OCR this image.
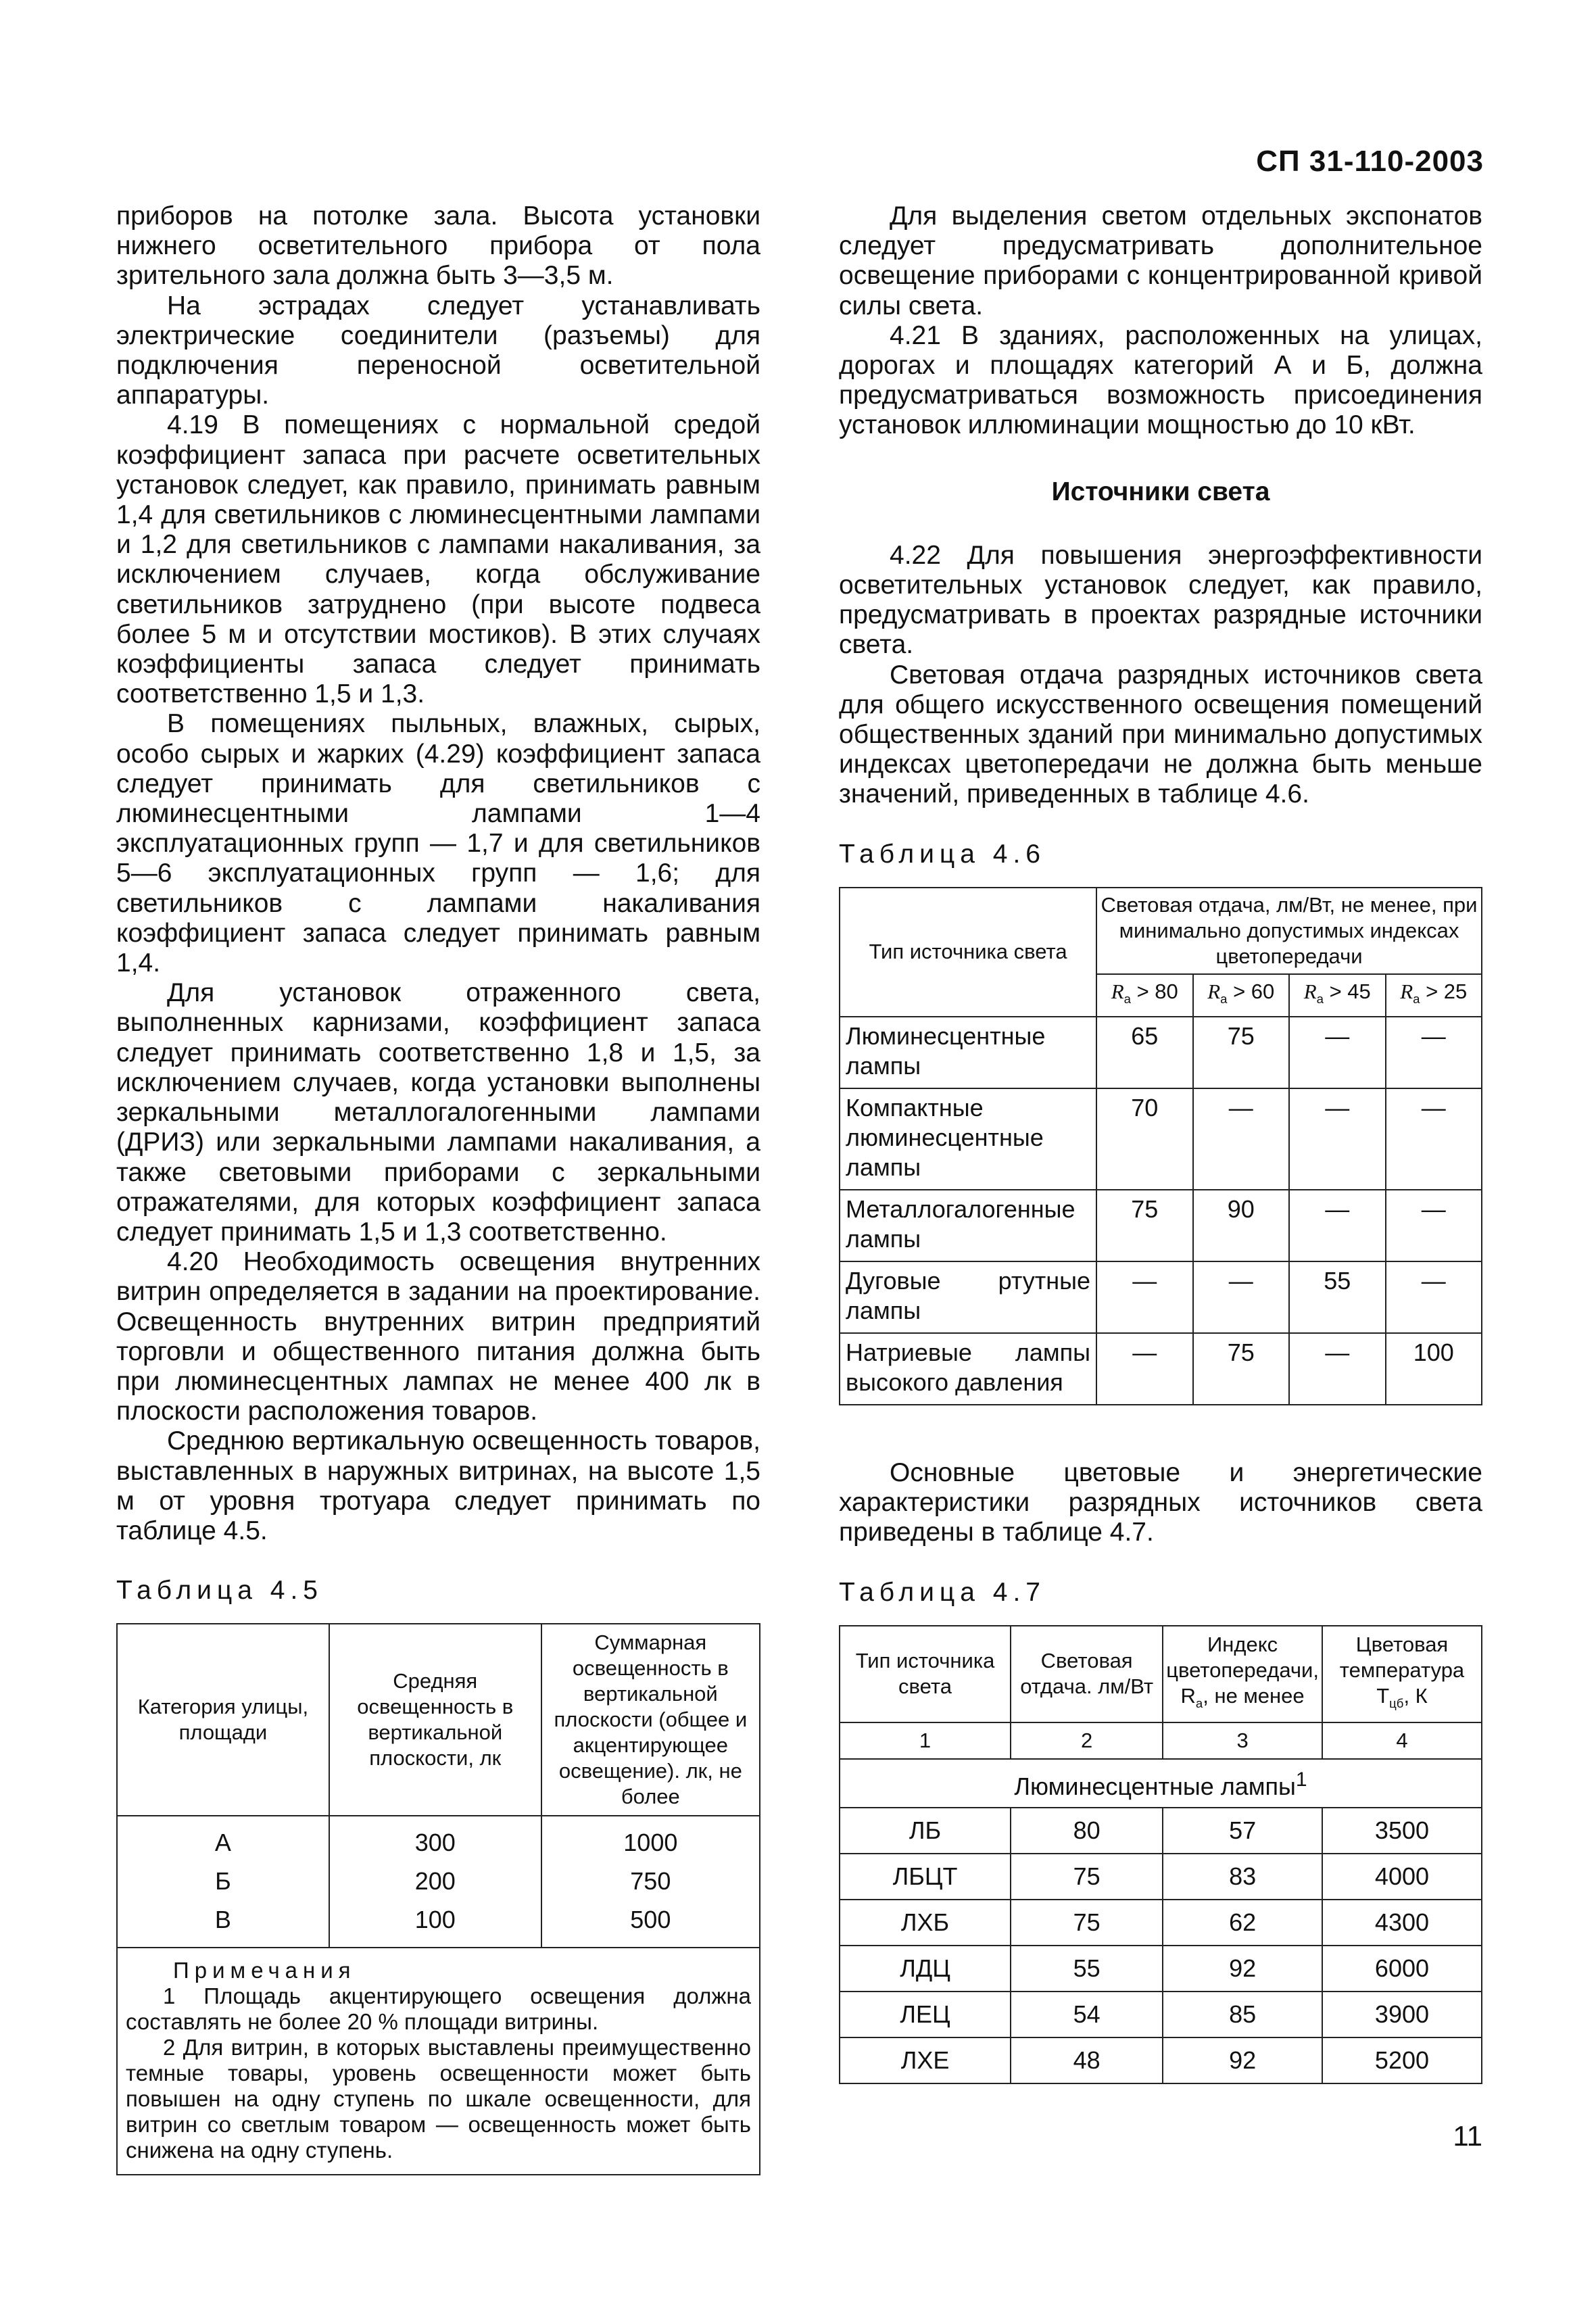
СП 31-110-2003

приборов на потолке зала. Высота установки нижнего осветительного прибора от пола зрительного зала должна быть 3—3,5 м.

На эстрадах следует устанавливать электрические соединители (разъемы) для подключения переносной осветительной аппаратуры.

4.19 В помещениях с нормальной средой коэффициент запаса при расчете осветительных установок следует, как правило, принимать равным 1,4 для светильников с люминесцентными лампами и 1,2 для светильников с лампами накаливания, за исключением случаев, когда обслуживание светильников затруднено (при высоте подвеса более 5 м и отсутствии мостиков). В этих случаях коэффициенты запаса следует принимать соответственно 1,5 и 1,3.

В помещениях пыльных, влажных, сырых, особо сырых и жарких (4.29) коэффициент запаса следует принимать для светильников с люминесцентными лампами 1—4 эксплуатационных групп — 1,7 и для светильников 5—6 эксплуатационных групп — 1,6; для светильников с лампами накаливания коэффициент запаса следует принимать равным 1,4.

Для установок отраженного света, выполненных карнизами, коэффициент запаса следует принимать соответственно 1,8 и 1,5, за исключением случаев, когда установки выполнены зеркальными металлогалогенными лампами (ДРИЗ) или зеркальными лампами накаливания, а также световыми приборами с зеркальными отражателями, для которых коэффициент запаса следует принимать 1,5 и 1,3 соответственно.

4.20 Необходимость освещения внутренних витрин определяется в задании на проектирование. Освещенность внутренних витрин предприятий торговли и общественного питания должна быть при люминесцентных лампах не менее 400 лк в плоскости расположения товаров.

Среднюю вертикальную освещенность товаров, выставленных в наружных витринах, на высоте 1,5 м от уровня тротуара следует принимать по таблице 4.5.

Таблица 4.5
Категория улицы, площади	Средняя освещенность в вертикальной плоскости, лк	Суммарная освещенность в вертикальной плоскости (общее и акцентирующее освещение). лк, не более
А	300	1000
Б	200	750
В	100	500

Примечания
1 Площадь акцентирующего освещения должна составлять не более 20 % площади витрины.
2 Для витрин, в которых выставлены преимущественно темные товары, уровень освещенности может быть повышен на одну ступень по шкале освещенности, для витрин со светлым товаром — освещенность может быть снижена на одну ступень.		

Для выделения светом отдельных экспонатов следует предусматривать дополнительное освещение приборами с концентрированной кривой силы света.

4.21 В зданиях, расположенных на улицах, дорогах и площадях категорий А и Б, должна предусматриваться возможность присоединения установок иллюминации мощностью до 10 кВт.

Источники света

4.22 Для повышения энергоэффективности осветительных установок следует, как правило, предусматривать в проектах разрядные источники света.

Световая отдача разрядных источников света для общего искусственного освещения помещений общественных зданий при минимально допустимых индексах цветопередачи не должна быть меньше значений, приведенных в таблице 4.6.

Таблица 4.6
Тип источника света	Световая отдача, лм/Вт, не менее, при минимально допустимых индексах цветопередачи			
	$R_a > 80$	$R_a > 60$	$R_a > 45$	$R_a > 25$
Люминесцентные лампы	65	75	—	—
Компактные люминесцентные лампы	70	—	—	—
Металлогалогенные лампы	75	90	—	—
Дуговые ртутные лампы	—	—	55	—
Натриевые лампы высокого давления	—	75	—	100

Основные цветовые и энергетические характеристики разрядных источников света приведены в таблице 4.7.

Таблица 4.7
Тип источника света	Световая отдача. лм/Вт	Индекс цветопередачи, $R_а$, не менее	Цветовая температура $T_{цб}$, К
1	2	3	4
Люминесцентные лампы$^1$
ЛБ	80	57	3500
ЛБЦТ	75	83	4000
ЛХБ	75	62	4300
ЛДЦ	55	92	6000
ЛЕЦ	54	85	3900
ЛХЕ	48	92	5200
11
